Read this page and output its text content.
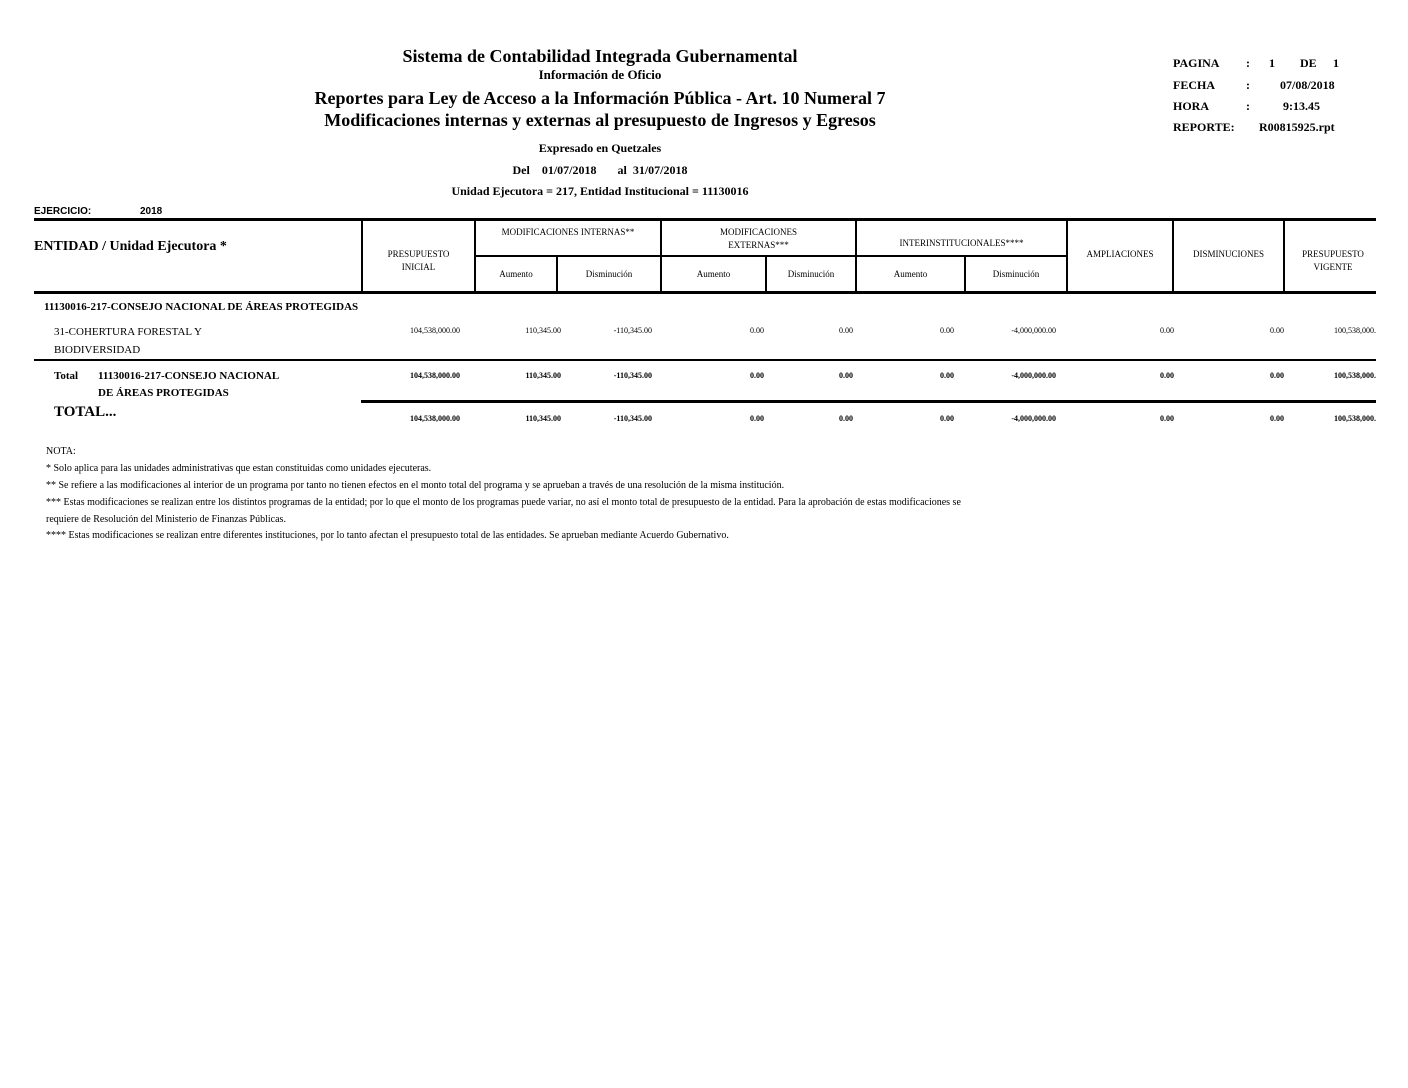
Sistema de Contabilidad Integrada Gubernamental
Información de Oficio
Reportes para Ley de Acceso a la Información Pública - Art. 10 Numeral 7
Modificaciones internas y externas al presupuesto de Ingresos y Egresos
Expresado en Quetzales
Del 01/07/2018 al 31/07/2018
Unidad Ejecutora = 217, Entidad Institucional = 11130016
PAGINA : 1 DE 1
FECHA	:	07/08/2018
HORA	:	9:13.45
REPORTE: R00815925.rpt
EJERCICIO:	2018
ENTIDAD / Unidad Ejecutora *	PRESUPUESTO
INICIAL
MODIFICACIONES INTERNAS**	MODIFICACIONES
EXTERNAS***	INTERINSTITUCIONALES****
Aumento	Disminución	Aumento	Disminución	Aumento	Disminución
AMPLIACIONES	DISMINUCIONES	PRESUPUESTO
VIGENTE
11130016-217-CONSEJO NACIONAL DE ÁREAS PROTEGIDAS
31-COHERTURA FORESTAL Y
BIODIVERSIDAD
104,538,000.00	110,345.00	-110,345.00	0.00	0.00	0.00	-4,000,000.00	0.00	0.00	100,538,000.
Total 11130016-217-CONSEJO NACIONAL
DE ÁREAS PROTEGIDAS
104,538,000.00	110,345.00	-110,345.00	0.00	0.00	0.00	-4,000,000.00	0.00	0.00	100,538,000.
TOTAL...	104,538,000.00	110,345.00	-110,345.00	0.00	0.00	0.00	-4,000,000.00	0.00	0.00	100,538,000.
NOTA:
* Solo aplica para las unidades administrativas que estan constituidas como unidades ejecuteras.
** Se refiere a las modificaciones al interior de un programa por tanto no tienen efectos en el monto total del programa y se aprueban a través de una resolución de la misma institución.
*** Estas modificaciones se realizan entre los distintos programas de la entidad; por lo que el monto de los programas puede variar, no así el monto total de presupuesto de la entidad. Para la aprobación de estas modificaciones se
requiere de Resolución del Ministerio de Finanzas Públicas.
**** Estas modificaciones se realizan entre diferentes instituciones, por lo tanto afectan el presupuesto total de las entidades. Se aprueban mediante Acuerdo Gubernativo.
